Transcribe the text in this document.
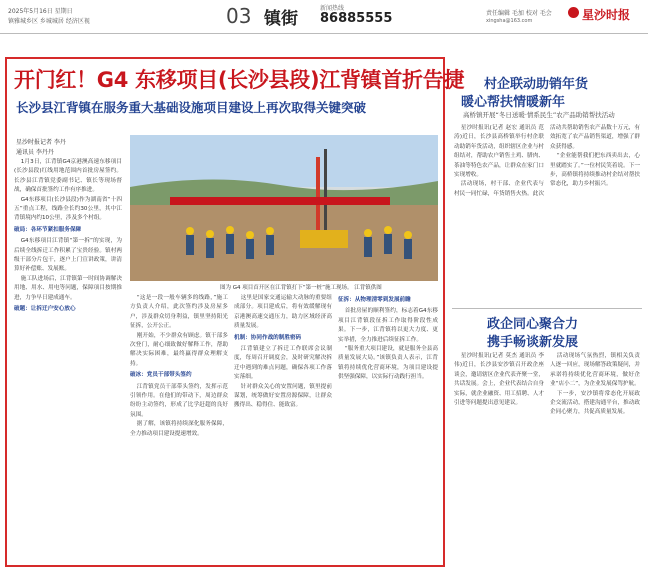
2025年5月16日 星期日
镇雅城乡区 乡城城居 经济区视	03 镇街
新闻热线
86885555	责任编辑 毛加 校对 毛会
xingsha@163.com	星沙时报
开门红！G4 东移项目(长沙县段)江背镇首折告捷
长沙县江背镇在服务重大基础设施项目建设上再次取得关键突破
星沙时报记者 李丹
通讯员 李丹丹
图为 G4 项目首开区在江背镇打下“第一桩”施工现场。 江背镇供图

1月3日，江背镇G4京港澳高速东移项目(长沙县段)红线用地范围内首批房屋签约。长沙县江背镇党委副书记、镇长等现场督战，确保首批签约工作有序推进。

G4东移项目(长沙县段)作为湖南省“十四五”重点工程，线路全长约30公里，其中江背镇境内约10公里，涉及多个村组。

破局：各环节紧扣服务保障

G4东移项目江背镇“第一拆”的实现，为后续全线拆迁工作积累了宝贵经验。镇村两级干部分片包干，逐户上门宣讲政策，讲清算好补偿账、发展账。

施工队进场后，江背镇第一时间协调解决用地、用水、用电等问题，保障项目按期推进，力争早日建成通车。

破题：让拆迁户安心放心

“这是一段一般车辆多的线路，”施工方负责人介绍，此次签约涉及房屋多户，涉及群众切身利益，镇里坚持阳光征拆，公开公正。

刚开始，不少群众有顾虑。镇干部多次登门，耐心细致做好解释工作，帮助解决实际困难，最终赢得群众理解支持。

破冰：党员干部带头签约

江背镇党员干部带头签约，发挥示范引领作用。在他们的带动下，周边群众纷纷主动签约，形成了比学赶超的良好氛围。

据了解，该镇将持续深化服务保障，全力推动项目建设提速增效。

这里是国家交通运输大动脉的重要组成部分。项目建成后，将有效缓解现有京港澳高速交通压力，助力区域经济高质量发展。

机制：协同作战的制胜密码

江背镇建立了拆迁工作联席会议制度，每周召开调度会，及时研究解决拆迁中遇到的难点问题，确保各项工作落实落细。

针对群众关心的安置问题，镇里提前谋划，统筹做好安置房源保障，让群众搬得出、稳得住、能致富。

征拆：从物理清零到发展前瞻

首批房屋的顺利签约，标志着G4东移项目江背镇段征拆工作取得阶段性成果。下一步，江背镇将以更大力度、更实举措，全力推进后续征拆工作。

“服务重大项目建设，就是服务全县高质量发展大局。”该镇负责人表示，江背镇将持续优化营商环境，为项目建设提供坚强保障，以实际行动践行担当。

村企联动助销年货
暖心帮扶情暖新年
高桥镇开展“冬日送暖·情系民生”农产品助销帮扶活动

星沙时报讯(记者 赵宏 通讯员 范涛)近日，长沙县高桥镇举行村企联动助销年货活动，组织辖区企业与村组结对，帮助农户销售土鸡、腊肉、茶油等特色农产品，让群众在家门口实现增收。

活动现场，村干部、企业代表与村民一同忙碌，年货销售火热。此次活动共帮助销售农产品数十万元，有效拓宽了农产品销售渠道，增强了群众获得感。

“企业能帮我们把东西卖出去，心里就踏实了。”一位村民笑着说。下一步，高桥镇将持续推动村企结对帮扶常态化，助力乡村振兴。

政企同心聚合力
携手畅谈新发展

星沙时报讯(记者 莫杰 通讯员 李伟)近日，长沙县安沙镇召开政企座谈会，邀请辖区企业代表齐聚一堂，共话发展。会上，企业代表结合自身实际，就企业融资、用工招聘、人才引进等问题提出意见建议。

活动现场气氛热烈，镇相关负责人逐一回应，现场解答政策疑问，并承诺将持续优化营商环境，做好企业“店小二”，为企业发展保驾护航。

下一步，安沙镇将常态化开展政企交流活动，搭建沟通平台，推动政企同心聚力，共促高质量发展。
